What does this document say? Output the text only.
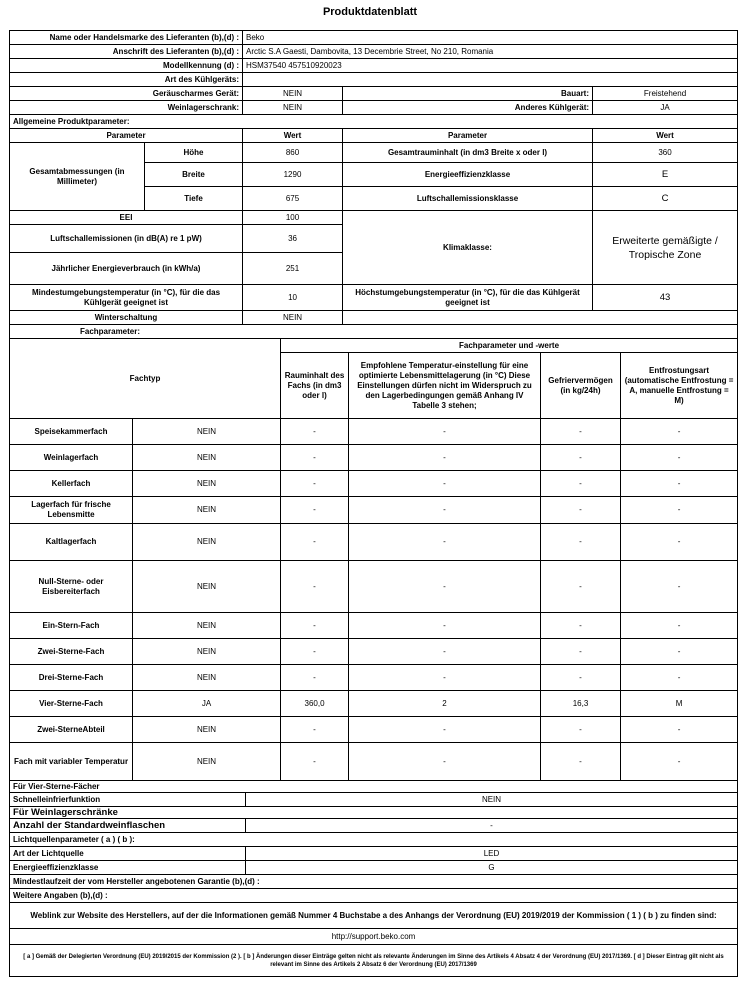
Produktdatenblatt
Name oder Handelsmarke des Lieferanten (b),(d) :		Beko		
Anschrift des Lieferanten (b),(d) :		Arctic S.A Gaesti, Dambovita, 13 Decembrie Street, No 210, Romania		
Modellkennung (d) :		HSM37540 457510920023		
Art des Kühlgeräts:				
Geräuscharmes Gerät:		NEIN	Bauart:	Freistehend
Weinlagerschrank:		NEIN	Anderes Kühlgerät:	JA
Allgemeine Produktparameter:				
Parameter		Wert	Parameter	Wert
Gesamtabmessungen (in Millimeter)	Höhe	860	Gesamtrauminhalt (in dm3 Breite x oder l)	360
	Breite	1290	Energieeffizienzklasse	E
	Tiefe	675	Luftschallemissionsklasse	C
EEI		100	Klimaklasse:	Erweiterte gemäßigte / Tropische Zone
Luftschallemissionen (in dB(A) re 1 pW)		36		
Jährlicher Energieverbrauch (in kWh/a)		251		
Mindestumgebungstemperatur (in °C), für die das Kühlgerät geeignet ist		10	Höchstumgebungstemperatur (in °C), für die das Kühlgerät geeignet ist	43
Winterschaltung		NEIN		
Fachparameter:				
Fachtyp		Fachparameter und -werte			
		Rauminhalt des Fachs (in dm3 oder l)	Empfohlene Temperatur-einstellung für eine optimierte Lebensmittelagerung (in °C) Diese Einstellungen dürfen nicht im Widerspruch zu den Lagerbedingungen gemäß Anhang IV Tabelle 3 stehen;	Gefriervermögen (in kg/24h)	Entfrostungsart (automatische Entfrostung = A, manuelle Entfrostung = M)
Speisekammerfach	NEIN	-	-	-	-
Weinlagerfach	NEIN	-	-	-	-
Kellerfach	NEIN	-	-	-	-
Lagerfach für frische Lebensmitte	NEIN	-	-	-	-
Kaltlagerfach	NEIN	-	-	-	-
Null-Sterne- oder Eisbereiterfach	NEIN	-	-	-	-
Ein-Stern-Fach	NEIN	-	-	-	-
Zwei-Sterne-Fach	NEIN	-	-	-	-
Drei-Sterne-Fach	NEIN	-	-	-	-
Vier-Sterne-Fach	JA	360,0	2	16,3	M
Zwei-SterneAbteil	NEIN	-	-	-	-
Fach mit variabler Temperatur	NEIN	-	-	-	-
Für Vier-Sterne-Fächer	
Schnelleinfrierfunktion	NEIN
Für Weinlagerschränke	
Anzahl der Standardweinflaschen	-
Lichtquellenparameter ( a ) ( b ):	
Art der Lichtquelle	LED
Energieeffizienzklasse	G
Mindestlaufzeit der vom Hersteller angebotenen Garantie (b),(d) :	
Weitere Angaben (b),(d) :	
Weblink zur Website des Herstellers, auf der die Informationen gemäß Nummer 4 Buchstabe a des Anhangs der Verordnung (EU) 2019/2019 der Kommission ( 1 ) ( b ) zu finden sind:	
http://support.beko.com	
[ a ] Gemäß der Delegierten Verordnung (EU) 2019/2015 der Kommission (2 ). [ b ] Änderungen dieser Einträge gelten nicht als relevante Änderungen im Sinne des Artikels 4 Absatz 4 der Verordnung (EU) 2017/1369. [ d ] Dieser Eintrag gilt nicht als relevant im Sinne des Artikels 2 Absatz 6 der Verordnung (EU) 2017/1369	
